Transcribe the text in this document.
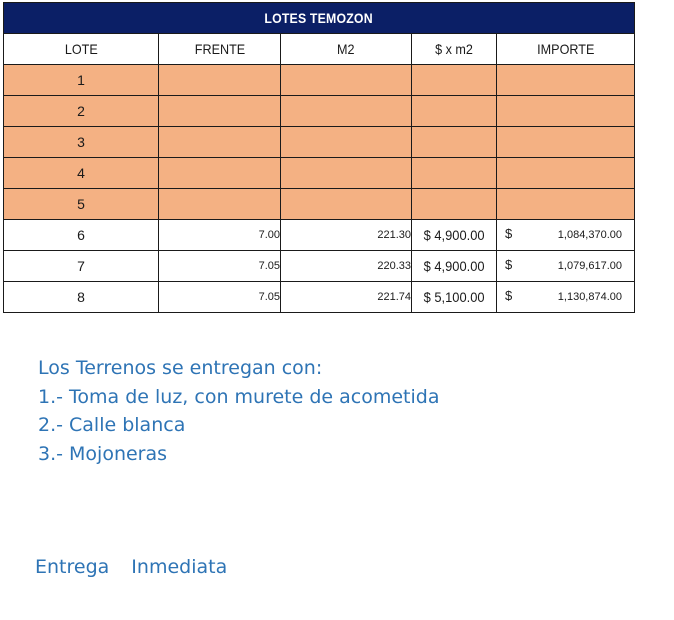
LOTES TEMOZON				
LOTE	FRENTE	M2	$ x m2	IMPORTE
1				
2				
3				
4				
5				
6	7.00	221.30	$ 4,900.00	$ 1,084,370.00

7	7.05	220.33	$ 4,900.00	$ 1,079,617.00

8	7.05	221.74	$ 5,100.00	$ 1,130,874.00
Los Terrenos se entregan con:
1.- Toma de luz, con murete de acometida
2.- Calle blanca
3.- Mojoneras
Entrega Inmediata
